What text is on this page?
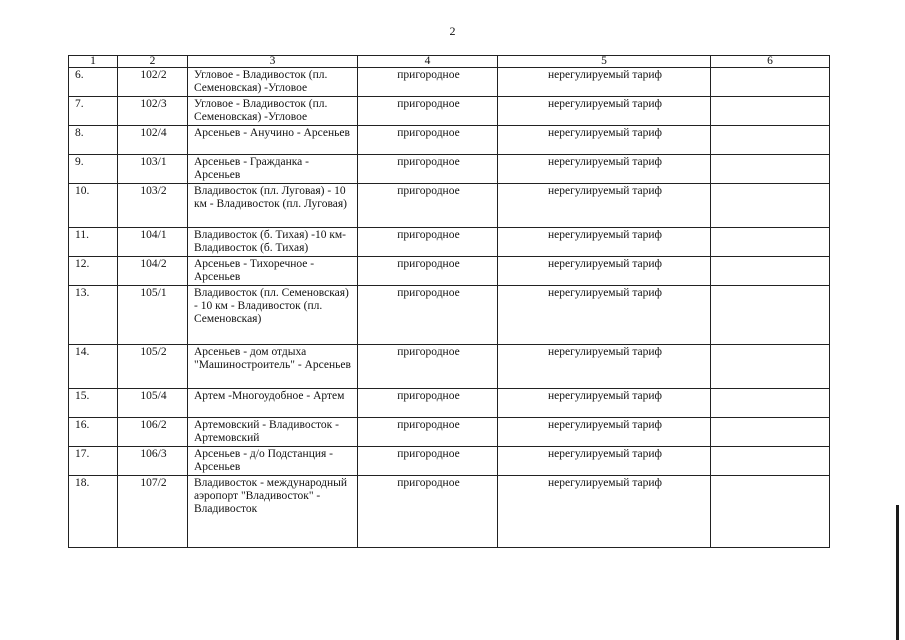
2
1	2	3	4	5	6
6.	102/2	Угловое - Владивосток (пл. Семеновская) -Угловое	пригородное	нерегулируемый тариф	
7.	102/3	Угловое - Владивосток (пл. Семеновская) -Угловое	пригородное	нерегулируемый тариф	
8.	102/4	Арсеньев - Анучино - Арсеньев	пригородное	нерегулируемый тариф	
9.	103/1	Арсеньев - Гражданка - Арсеньев	пригородное	нерегулируемый тариф	
10.	103/2	Владивосток (пл. Луговая) - 10 км - Владивосток (пл. Луговая)	пригородное	нерегулируемый тариф	
11.	104/1	Владивосток (б. Тихая) -10 км- Владивосток (б. Тихая)	пригородное	нерегулируемый тариф	
12.	104/2	Арсеньев - Тихоречное - Арсеньев	пригородное	нерегулируемый тариф	
13.	105/1	Владивосток (пл. Семеновская) - 10 км - Владивосток (пл. Семеновская)	пригородное	нерегулируемый тариф	
14.	105/2	Арсеньев - дом отдыха "Машиностроитель" - Арсеньев	пригородное	нерегулируемый тариф	
15.	105/4	Артем -Многоудобное - Артем	пригородное	нерегулируемый тариф	
16.	106/2	Артемовский - Владивосток - Артемовский	пригородное	нерегулируемый тариф	
17.	106/3	Арсеньев - д/о Подстанция - Арсеньев	пригородное	нерегулируемый тариф	
18.	107/2	Владивосток - международный аэропорт "Владивосток" - Владивосток	пригородное	нерегулируемый тариф	
